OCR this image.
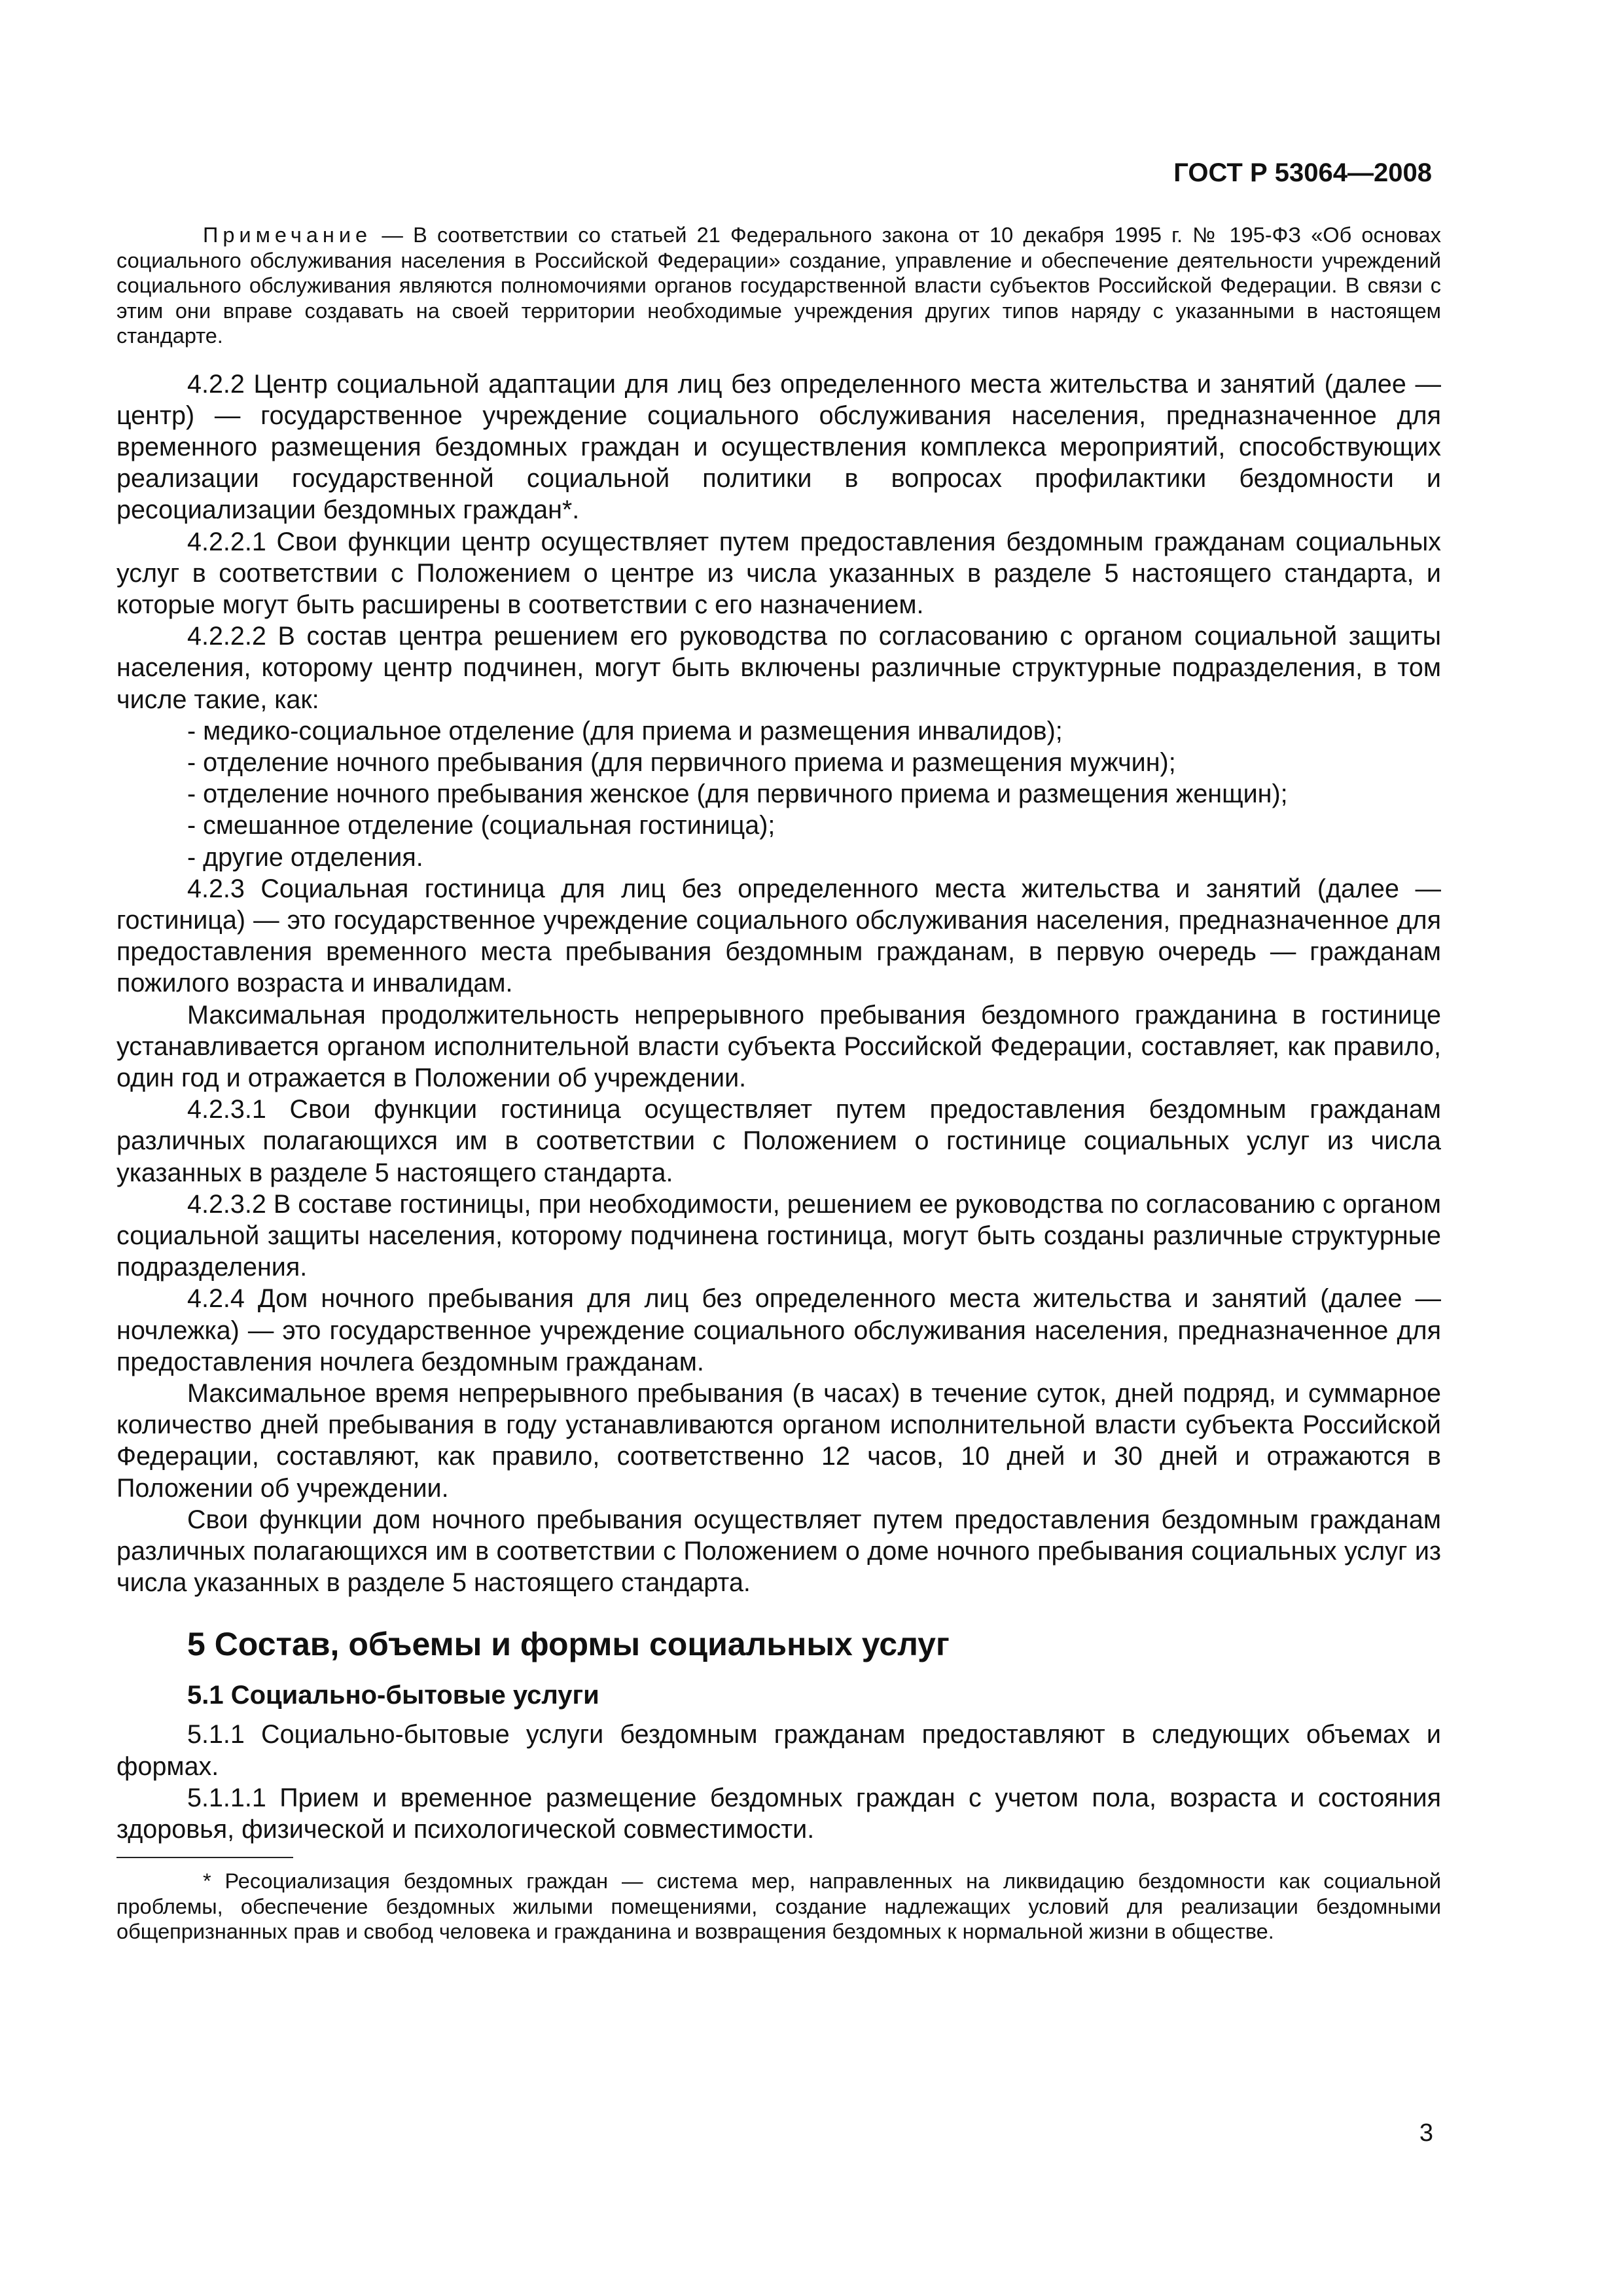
ГОСТ Р 53064—2008

Примечание — В соответствии со статьей 21 Федерального закона от 10 декабря 1995 г. № 195-ФЗ «Об основах социального обслуживания населения в Российской Федерации» создание, управление и обеспечение деятельности учреждений социального обслуживания являются полномочиями органов государственной власти субъектов Российской Федерации. В связи с этим они вправе создавать на своей территории необходимые учреждения других типов наряду с указанными в настоящем стандарте.

4.2.2 Центр социальной адаптации для лиц без определенного места жительства и занятий (далее — центр) — государственное учреждение социального обслуживания населения, предназначенное для временного размещения бездомных граждан и осуществления комплекса мероприятий, способствующих реализации государственной социальной политики в вопросах профилактики бездомности и ресоциализации бездомных граждан*.

4.2.2.1 Свои функции центр осуществляет путем предоставления бездомным гражданам социальных услуг в соответствии с Положением о центре из числа указанных в разделе 5 настоящего стандарта, и которые могут быть расширены в соответствии с его назначением.

4.2.2.2 В состав центра решением его руководства по согласованию с органом социальной защиты населения, которому центр подчинен, могут быть включены различные структурные подразделения, в том числе такие, как:

- медико-социальное отделение (для приема и размещения инвалидов);
- отделение ночного пребывания (для первичного приема и размещения мужчин);
- отделение ночного пребывания женское (для первичного приема и размещения женщин);
- смешанное отделение (социальная гостиница);
- другие отделения.

4.2.3 Социальная гостиница для лиц без определенного места жительства и занятий (далее — гостиница) — это государственное учреждение социального обслуживания населения, предназначенное для предоставления временного места пребывания бездомным гражданам, в первую очередь — гражданам пожилого возраста и инвалидам.

Максимальная продолжительность непрерывного пребывания бездомного гражданина в гостинице устанавливается органом исполнительной власти субъекта Российской Федерации, составляет, как правило, один год и отражается в Положении об учреждении.

4.2.3.1 Свои функции гостиница осуществляет путем предоставления бездомным гражданам различных полагающихся им в соответствии с Положением о гостинице социальных услуг из числа указанных в разделе 5 настоящего стандарта.

4.2.3.2 В составе гостиницы, при необходимости, решением ее руководства по согласованию с органом социальной защиты населения, которому подчинена гостиница, могут быть созданы различные структурные подразделения.

4.2.4 Дом ночного пребывания для лиц без определенного места жительства и занятий (далее — ночлежка) — это государственное учреждение социального обслуживания населения, предназначенное для предоставления ночлега бездомным гражданам.

Максимальное время непрерывного пребывания (в часах) в течение суток, дней подряд, и суммарное количество дней пребывания в году устанавливаются органом исполнительной власти субъекта Российской Федерации, составляют, как правило, соответственно 12 часов, 10 дней и 30 дней и отражаются в Положении об учреждении.

Свои функции дом ночного пребывания осуществляет путем предоставления бездомным гражданам различных полагающихся им в соответствии с Положением о доме ночного пребывания социальных услуг из числа указанных в разделе 5 настоящего стандарта.

5 Состав, объемы и формы социальных услуг
5.1 Социально-бытовые услуги

5.1.1 Социально-бытовые услуги бездомным гражданам предоставляют в следующих объемах и формах.

5.1.1.1 Прием и временное размещение бездомных граждан с учетом пола, возраста и состояния здоровья, физической и психологической совместимости.

* Ресоциализация бездомных граждан — система мер, направленных на ликвидацию бездомности как социальной проблемы, обеспечение бездомных жилыми помещениями, создание надлежащих условий для реализации бездомными общепризнанных прав и свобод человека и гражданина и возвращения бездомных к нормальной жизни в обществе.

3
